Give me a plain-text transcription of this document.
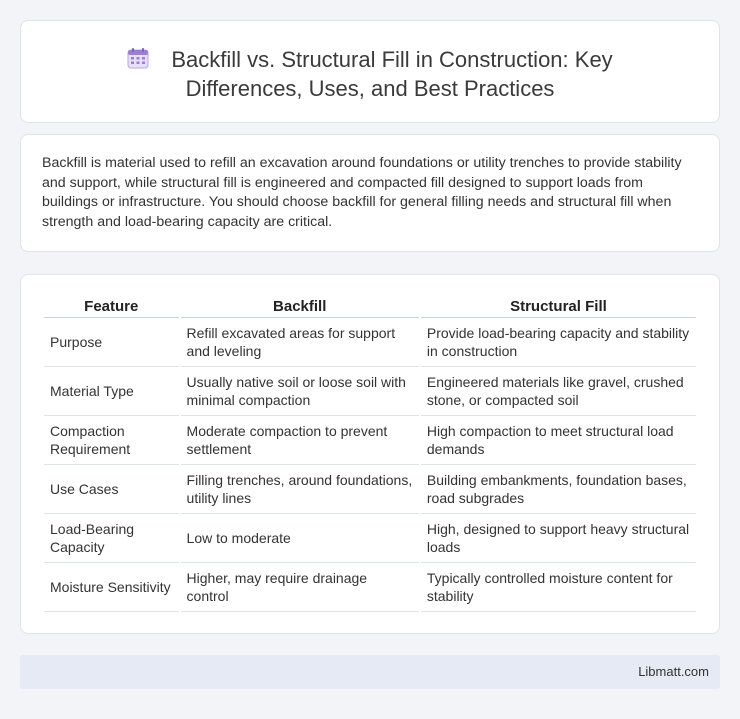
Backfill vs. Structural Fill in Construction: Key Differences, Uses, and Best Practices

Backfill is material used to refill an excavation around foundations or utility trenches to provide stability and support, while structural fill is engineered and compacted fill designed to support loads from buildings or infrastructure. You should choose backfill for general filling needs and structural fill when strength and load-bearing capacity are critical.

Feature	Backfill	Structural Fill
Purpose	Refill excavated areas for support and leveling	Provide load-bearing capacity and stability in construction
Material Type	Usually native soil or loose soil with minimal compaction	Engineered materials like gravel, crushed stone, or compacted soil
Compaction Requirement	Moderate compaction to prevent settlement	High compaction to meet structural load demands
Use Cases	Filling trenches, around foundations, utility lines	Building embankments, foundation bases, road subgrades
Load-Bearing Capacity	Low to moderate	High, designed to support heavy structural loads
Moisture Sensitivity	Higher, may require drainage control	Typically controlled moisture content for stability
Libmatt.com
